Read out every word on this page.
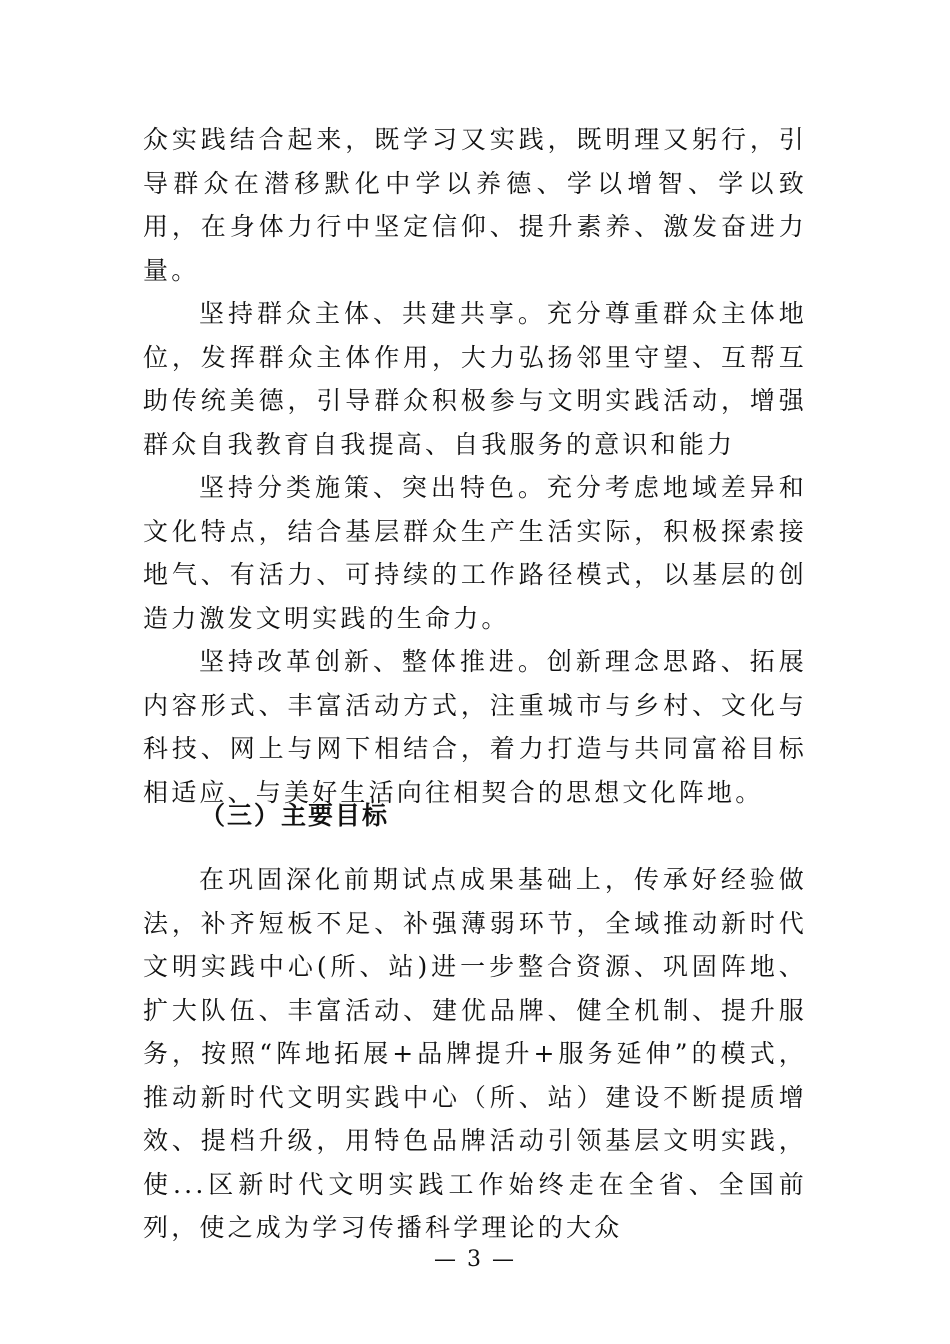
众实践结合起来，既学习又实践，既明理又躬行，引导群众在潜移默化中学以养德、学以增智、学以致用，在身体力行中坚定信仰、提升素养、激发奋进力量。

坚持群众主体、共建共享。充分尊重群众主体地位，发挥群众主体作用，大力弘扬邻里守望、互帮互助传统美德，引导群众积极参与文明实践活动，增强群众自我教育自我提高、自我服务的意识和能力

坚持分类施策、突出特色。充分考虑地域差异和文化特点，结合基层群众生产生活实际，积极探索接地气、有活力、可持续的工作路径模式，以基层的创造力激发文明实践的生命力。

坚持改革创新、整体推进。创新理念思路、拓展内容形式、丰富活动方式，注重城市与乡村、文化与科技、网上与网下相结合，着力打造与共同富裕目标相适应、与美好生活向往相契合的思想文化阵地。

（三）主要目标

在巩固深化前期试点成果基础上，传承好经验做法，补齐短板不足、补强薄弱环节，全域推动新时代文明实践中心(所、站)进一步整合资源、巩固阵地、扩大队伍、丰富活动、建优品牌、健全机制、提升服务，按照“阵地拓展+品牌提升+服务延伸”的模式，推动新时代文明实践中心（所、站）建设不断提质增效、提档升级，用特色品牌活动引领基层文明实践，使...区新时代文明实践工作始终走在全省、全国前列，使之成为学习传播科学理论的大众

— 3 —
